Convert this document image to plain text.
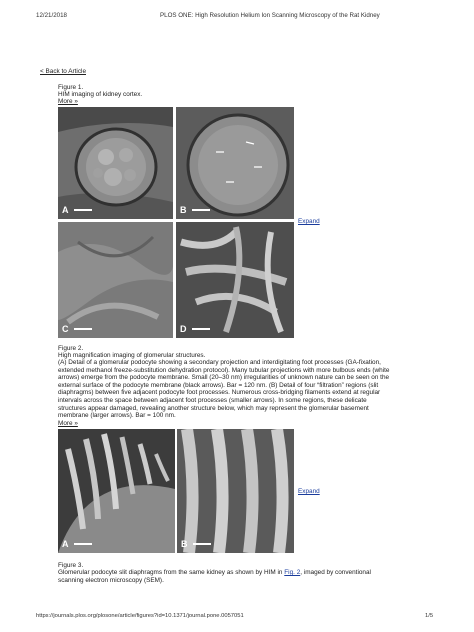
12/21/2018	PLOS ONE: High Resolution Helium Ion Scanning Microscopy of the Rat Kidney
< Back to Article
Figure 1.
HIM imaging of kidney cortex.
More »
A	B
C	D
Expand
Figure 2.
High magnification imaging of glomerular structures.
(A) Detail of a glomerular podocyte showing a secondary projection and interdigitating foot processes (GA-fixation, extended methanol freeze-substitution dehydration protocol). Many tubular projections with more bulbous ends (white arrows) emerge from the podocyte membrane. Small (20–30 nm) irregularities of unknown nature can be seen on the external surface of the podocyte membrane (black arrows). Bar = 120 nm. (B) Detail of four “filtration” regions (slit diaphragms) between five adjacent podocyte foot processes. Numerous cross-bridging filaments extend at regular intervals across the space between adjacent foot processes (smaller arrows). In some regions, these delicate structures appear damaged, revealing another structure below, which may represent the glomerular basement membrane (larger arrows). Bar = 100 nm.
More »
A	B
Expand
Figure 3.
Glomerular podocyte slit diaphragms from the same kidney as shown by HIM in Fig. 2, imaged by conventional scanning electron microscopy (SEM).
https://journals.plos.org/plosone/article/figures?id=10.1371/journal.pone.0057051	1/5
